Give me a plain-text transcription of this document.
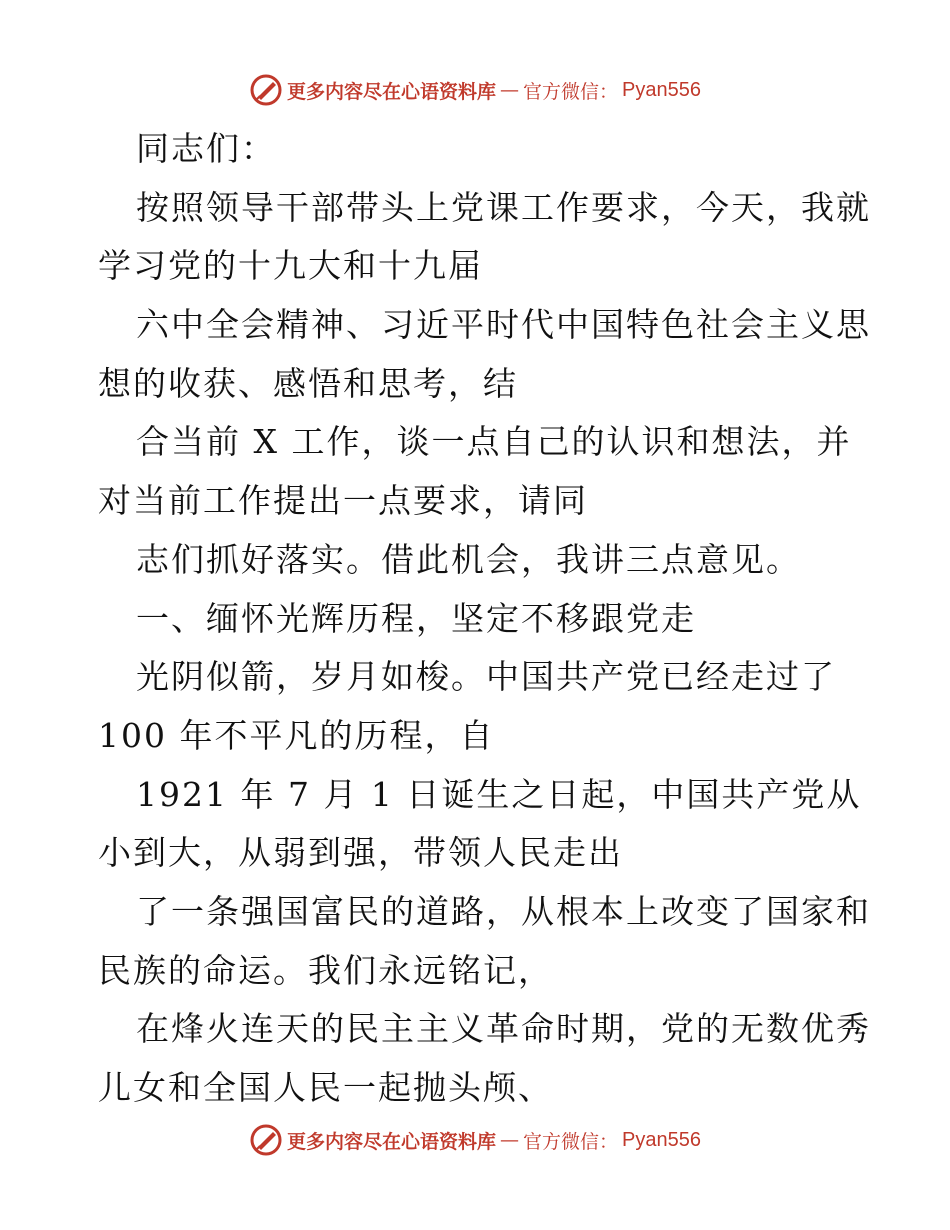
更多内容尽在心语资料库 — 官方微信： Pyan556
同志们：
按照领导干部带头上党课工作要求，今天，我就
学习党的十九大和十九届
六中全会精神、习近平时代中国特色社会主义思
想的收获、感悟和思考，结
合当前 X 工作，谈一点自己的认识和想法，并
对当前工作提出一点要求，请同
志们抓好落实。借此机会，我讲三点意见。
一、缅怀光辉历程，坚定不移跟党走
光阴似箭，岁月如梭。中国共产党已经走过了
100 年不平凡的历程，自
1921 年 7 月 1 日诞生之日起，中国共产党从
小到大，从弱到强，带领人民走出
了一条强国富民的道路，从根本上改变了国家和
民族的命运。我们永远铭记，
在烽火连天的民主主义革命时期，党的无数优秀
儿女和全国人民一起抛头颅、
更多内容尽在心语资料库 — 官方微信： Pyan556
